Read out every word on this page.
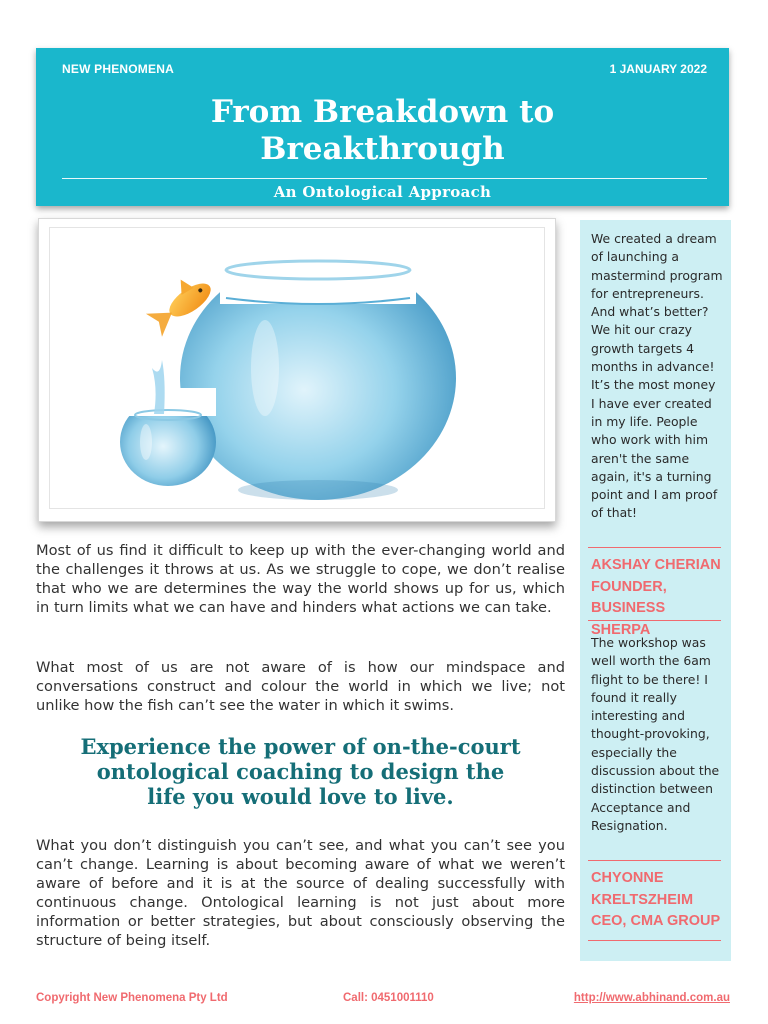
NEW PHENOMENA	1 JANUARY 2022
From Breakdown to
Breakthrough
An Ontological Approach
Most of us find it difficult to keep up with the ever-changing world and the challenges it throws at us. As we struggle to cope, we don’t realise that who we are determines the way the world shows up for us, which in turn limits what we can have and hinders what actions we can take.
What most of us are not aware of is how our mindspace and conversations construct and colour the world in which we live; not unlike how the fish can’t see the water in which it swims.
Experience the power of on-the-court
ontological coaching to design the
life you would love to live.
What you don’t distinguish you can’t see, and what you can’t see you can’t change. Learning is about becoming aware of what we weren’t aware of before and it is at the source of dealing successfully with continuous change. Ontological learning is not just about more information or better strategies, but about consciously observing the structure of being itself.
We created a dream of launching a mastermind program for entrepreneurs. And what’s better? We hit our crazy growth targets 4 months in advance! It’s the most money I have ever created in my life. People who work with him aren't the same again, it's a turning point and I am proof of that!
AKSHAY CHERIAN
FOUNDER,
BUSINESS SHERPA
The workshop was well worth the 6am flight to be there! I found it really interesting and thought-provoking, especially the discussion about the distinction between Acceptance and Resignation.
CHYONNE
KRELTSZHEIM
CEO, CMA GROUP
Copyright New Phenomena Pty Ltd	Call: 0451001110	http://www.abhinand.com.au
